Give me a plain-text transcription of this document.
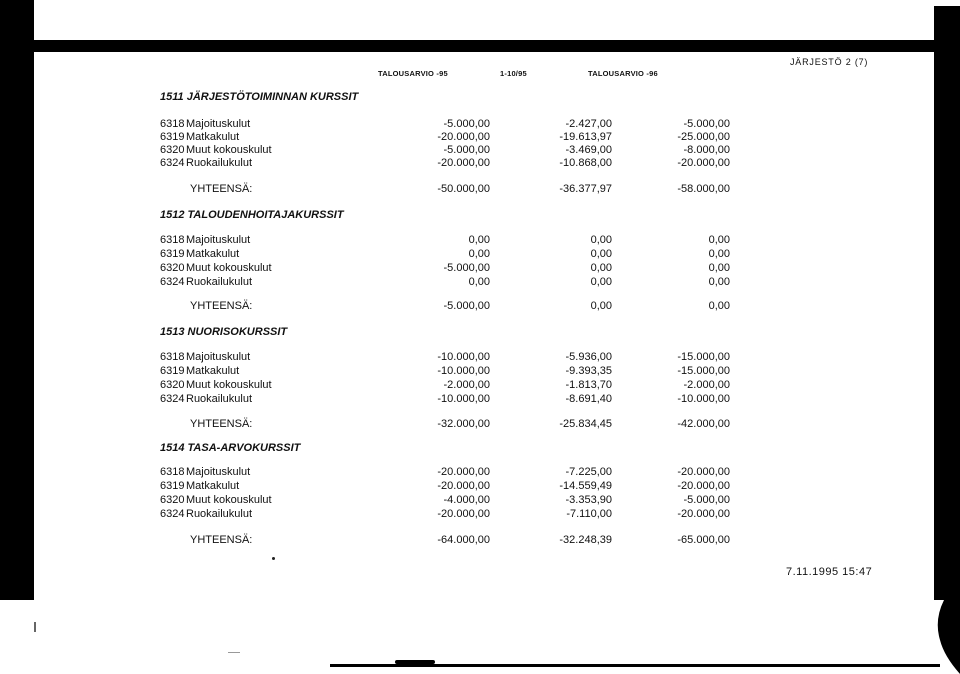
TALOUSARVIO -95	1-10/95	TALOUSARVIO -96
JÄRJESTÖ 2 (7)
1511 JÄRJESTÖTOIMINNAN KURSSIT
6318 Majoituskulut	-5.000,00	-2.427,00	-5.000,00
6319 Matkakulut	-20.000,00	-19.613,97	-25.000,00
6320 Muut kokouskulut	-5.000,00	-3.469,00	-8.000,00
6324 Ruokailukulut	-20.000,00	-10.868,00	-20.000,00
YHTEENSÄ:	-50.000,00	-36.377,97	-58.000,00
1512 TALOUDENHOITAJAKURSSIT
6318 Majoituskulut	0,00	0,00	0,00
6319 Matkakulut	0,00	0,00	0,00
6320 Muut kokouskulut	-5.000,00	0,00	0,00
6324 Ruokailukulut	0,00	0,00	0,00
YHTEENSÄ:	-5.000,00	0,00	0,00
1513 NUORISOKURSSIT
6318 Majoituskulut	-10.000,00	-5.936,00	-15.000,00
6319 Matkakulut	-10.000,00	-9.393,35	-15.000,00
6320 Muut kokouskulut	-2.000,00	-1.813,70	-2.000,00
6324 Ruokailukulut	-10.000,00	-8.691,40	-10.000,00
YHTEENSÄ:	-32.000,00	-25.834,45	-42.000,00
1514 TASA-ARVOKURSSIT
6318 Majoituskulut	-20.000,00	-7.225,00	-20.000,00
6319 Matkakulut	-20.000,00	-14.559,49	-20.000,00
6320 Muut kokouskulut	-4.000,00	-3.353,90	-5.000,00
6324 Ruokailukulut	-20.000,00	-7.110,00	-20.000,00
YHTEENSÄ:	-64.000,00	-32.248,39	-65.000,00
7.11.1995 15:47
